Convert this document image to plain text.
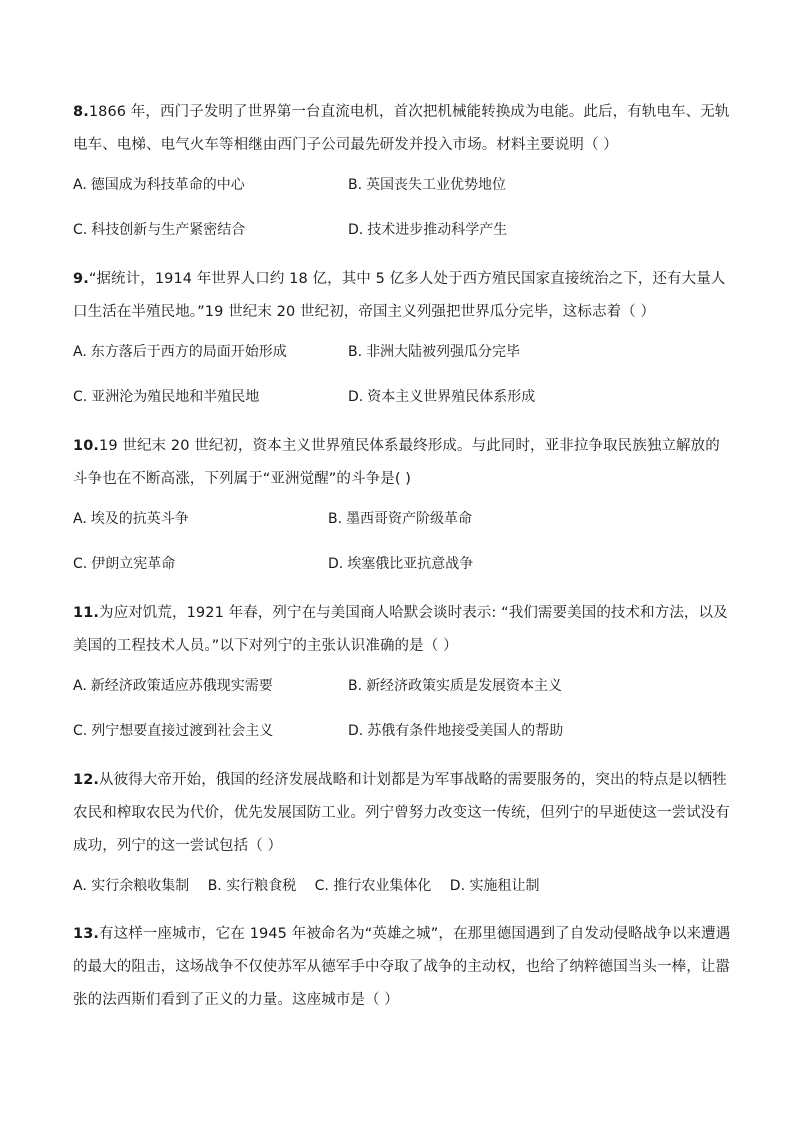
8.1866 年，西门子发明了世界第一台直流电机，首次把机械能转换成为电能。此后，有轨电车、无轨电车、电梯、电气火车等相继由西门子公司最先研发并投入市场。材料主要说明（ ）

A. 德国成为科技革命的中心	B. 英国丧失工业优势地位
C. 科技创新与生产紧密结合	D. 技术进步推动科学产生

9.“据统计，1914 年世界人口约 18 亿，其中 5 亿多人处于西方殖民国家直接统治之下，还有大量人口生活在半殖民地。”19 世纪末 20 世纪初，帝国主义列强把世界瓜分完毕，这标志着（ ）

A. 东方落后于西方的局面开始形成	B. 非洲大陆被列强瓜分完毕
C. 亚洲沦为殖民地和半殖民地	D. 资本主义世界殖民体系形成

10.19 世纪末 20 世纪初，资本主义世界殖民体系最终形成。与此同时，亚非拉争取民族独立解放的斗争也在不断高涨，下列属于“亚洲觉醒”的斗争是( )

A. 埃及的抗英斗争	B. 墨西哥资产阶级革命
C. 伊朗立宪革命	D. 埃塞俄比亚抗意战争

11.为应对饥荒，1921 年春，列宁在与美国商人哈默会谈时表示: “我们需要美国的技术和方法，以及美国的工程技术人员。”以下对列宁的主张认识准确的是（ ）

A. 新经济政策适应苏俄现实需要	B. 新经济政策实质是发展资本主义
C. 列宁想要直接过渡到社会主义	D. 苏俄有条件地接受美国人的帮助

12.从彼得大帝开始，俄国的经济发展战略和计划都是为军事战略的需要服务的，突出的特点是以牺牲农民和榨取农民为代价，优先发展国防工业。列宁曾努力改变这一传统，但列宁的早逝使这一尝试没有成功，列宁的这一尝试包括（ ）

A. 实行余粮收集制 B. 实行粮食税 C. 推行农业集体化 D. 实施租让制

13.有这样一座城市，它在 1945 年被命名为“英雄之城”，在那里德国遇到了自发动侵略战争以来遭遇的最大的阻击，这场战争不仅使苏军从德军手中夺取了战争的主动权，也给了纳粹德国当头一棒，让嚣张的法西斯们看到了正义的力量。这座城市是（ ）
